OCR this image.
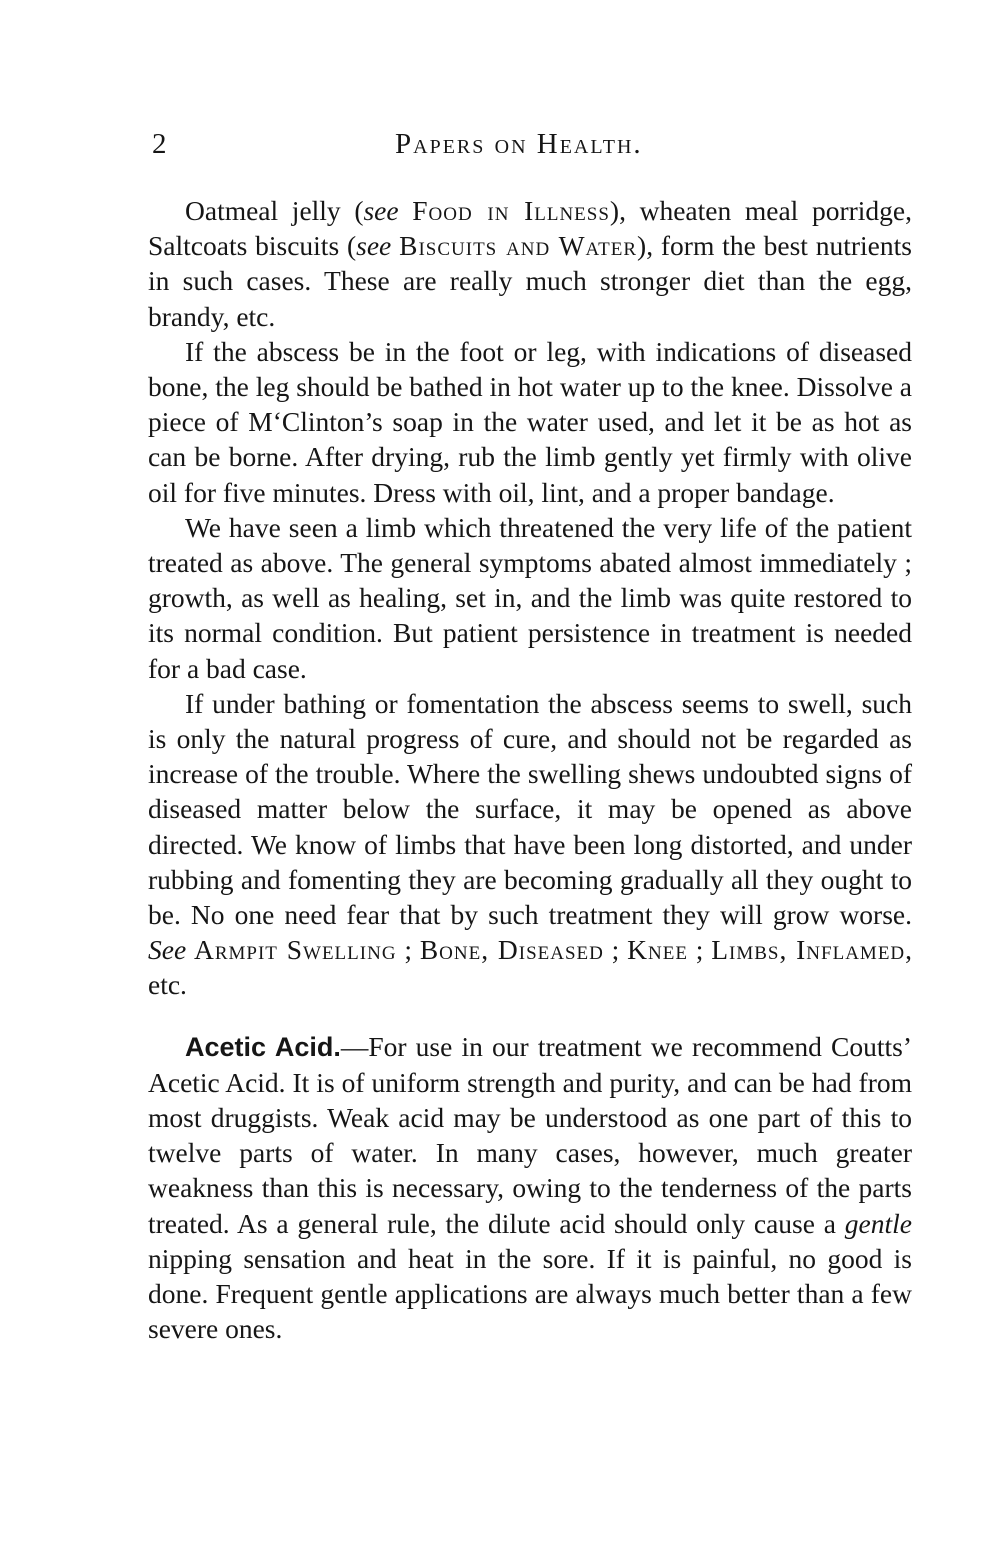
2	Papers on Health.

Oatmeal jelly (see Food in Illness), wheaten meal porridge, Saltcoats biscuits (see Biscuits and Water), form the best nutrients in such cases. These are really much stronger diet than the egg, brandy, etc.

If the abscess be in the foot or leg, with indications of diseased bone, the leg should be bathed in hot water up to the knee. Dissolve a piece of M‘Clinton’s soap in the water used, and let it be as hot as can be borne. After drying, rub the limb gently yet firmly with olive oil for five minutes. Dress with oil, lint, and a proper bandage.

We have seen a limb which threatened the very life of the patient treated as above. The general symptoms abated almost immediately ; growth, as well as healing, set in, and the limb was quite restored to its normal condition. But patient persistence in treatment is needed for a bad case.

If under bathing or fomentation the abscess seems to swell, such is only the natural progress of cure, and should not be regarded as increase of the trouble. Where the swelling shews undoubted signs of diseased matter below the surface, it may be opened as above directed. We know of limbs that have been long distorted, and under rubbing and fomenting they are becoming gradually all they ought to be. No one need fear that by such treatment they will grow worse. See Armpit Swelling ; Bone, Diseased ; Knee ; Limbs, Inflamed, etc.

Acetic Acid.—For use in our treatment we recommend Coutts’ Acetic Acid. It is of uniform strength and purity, and can be had from most druggists. Weak acid may be understood as one part of this to twelve parts of water. In many cases, however, much greater weakness than this is necessary, owing to the tenderness of the parts treated. As a general rule, the dilute acid should only cause a gentle nipping sensation and heat in the sore. If it is painful, no good is done. Frequent gentle applications are always much better than a few severe ones.
